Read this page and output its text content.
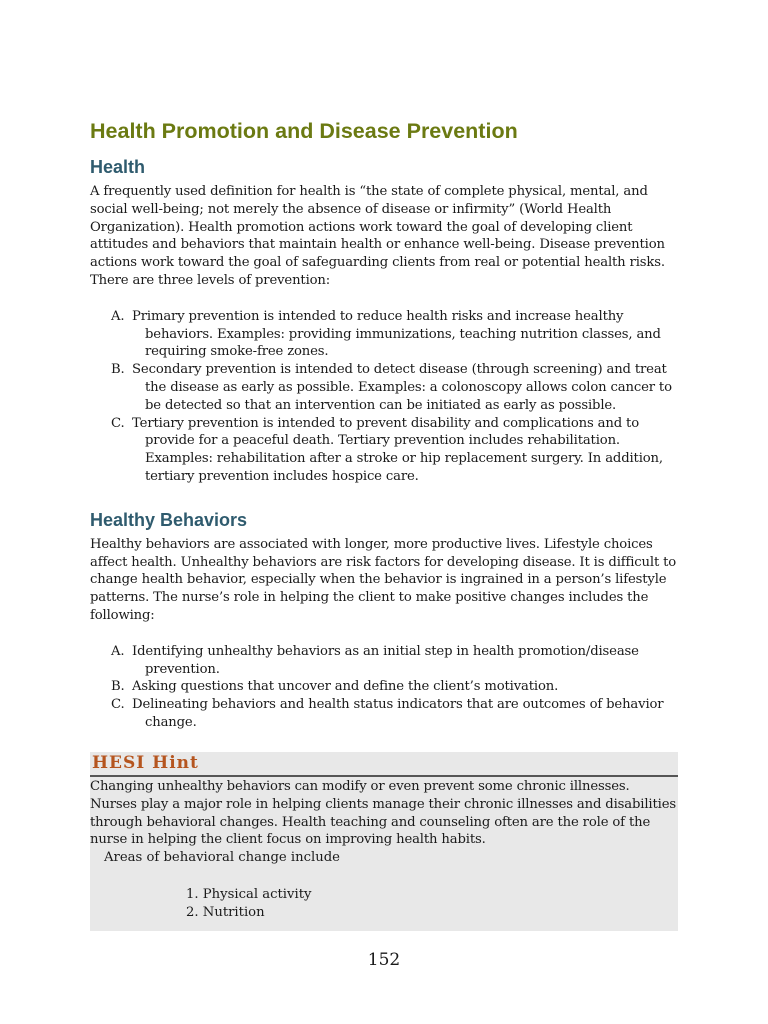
Health Promotion and Disease Prevention
Health

A frequently used definition for health is “the state of complete physical, mental, and social well-being; not merely the absence of disease or infirmity” (World Health Organization). Health promotion actions work toward the goal of developing client attitudes and behaviors that maintain health or enhance well-being. Disease prevention actions work toward the goal of safeguarding clients from real or potential health risks. There are three levels of prevention:

A. Primary prevention is intended to reduce health risks and increase healthy behaviors. Examples: providing immunizations, teaching nutrition classes, and requiring smoke-free zones.
B. Secondary prevention is intended to detect disease (through screening) and treat the disease as early as possible. Examples: a colonoscopy allows colon cancer to be detected so that an intervention can be initiated as early as possible.
C. Tertiary prevention is intended to prevent disability and complications and to provide for a peaceful death. Tertiary prevention includes rehabilitation. Examples: rehabilitation after a stroke or hip replacement surgery. In addition, tertiary prevention includes hospice care.
Healthy Behaviors

Healthy behaviors are associated with longer, more productive lives. Lifestyle choices affect health. Unhealthy behaviors are risk factors for developing disease. It is difficult to change health behavior, especially when the behavior is ingrained in a person’s lifestyle patterns. The nurse’s role in helping the client to make positive changes includes the following:

A. Identifying unhealthy behaviors as an initial step in health promotion/disease prevention.
B. Asking questions that uncover and define the client’s motivation.
C. Delineating behaviors and health status indicators that are outcomes of behavior change.
HESI Hint

Changing unhealthy behaviors can modify or even prevent some chronic illnesses. Nurses play a major role in helping clients manage their chronic illnesses and disabilities through behavioral changes. Health teaching and counseling often are the role of the nurse in helping the client focus on improving health habits.

Areas of behavioral change include

1. Physical activity
2. Nutrition
152
